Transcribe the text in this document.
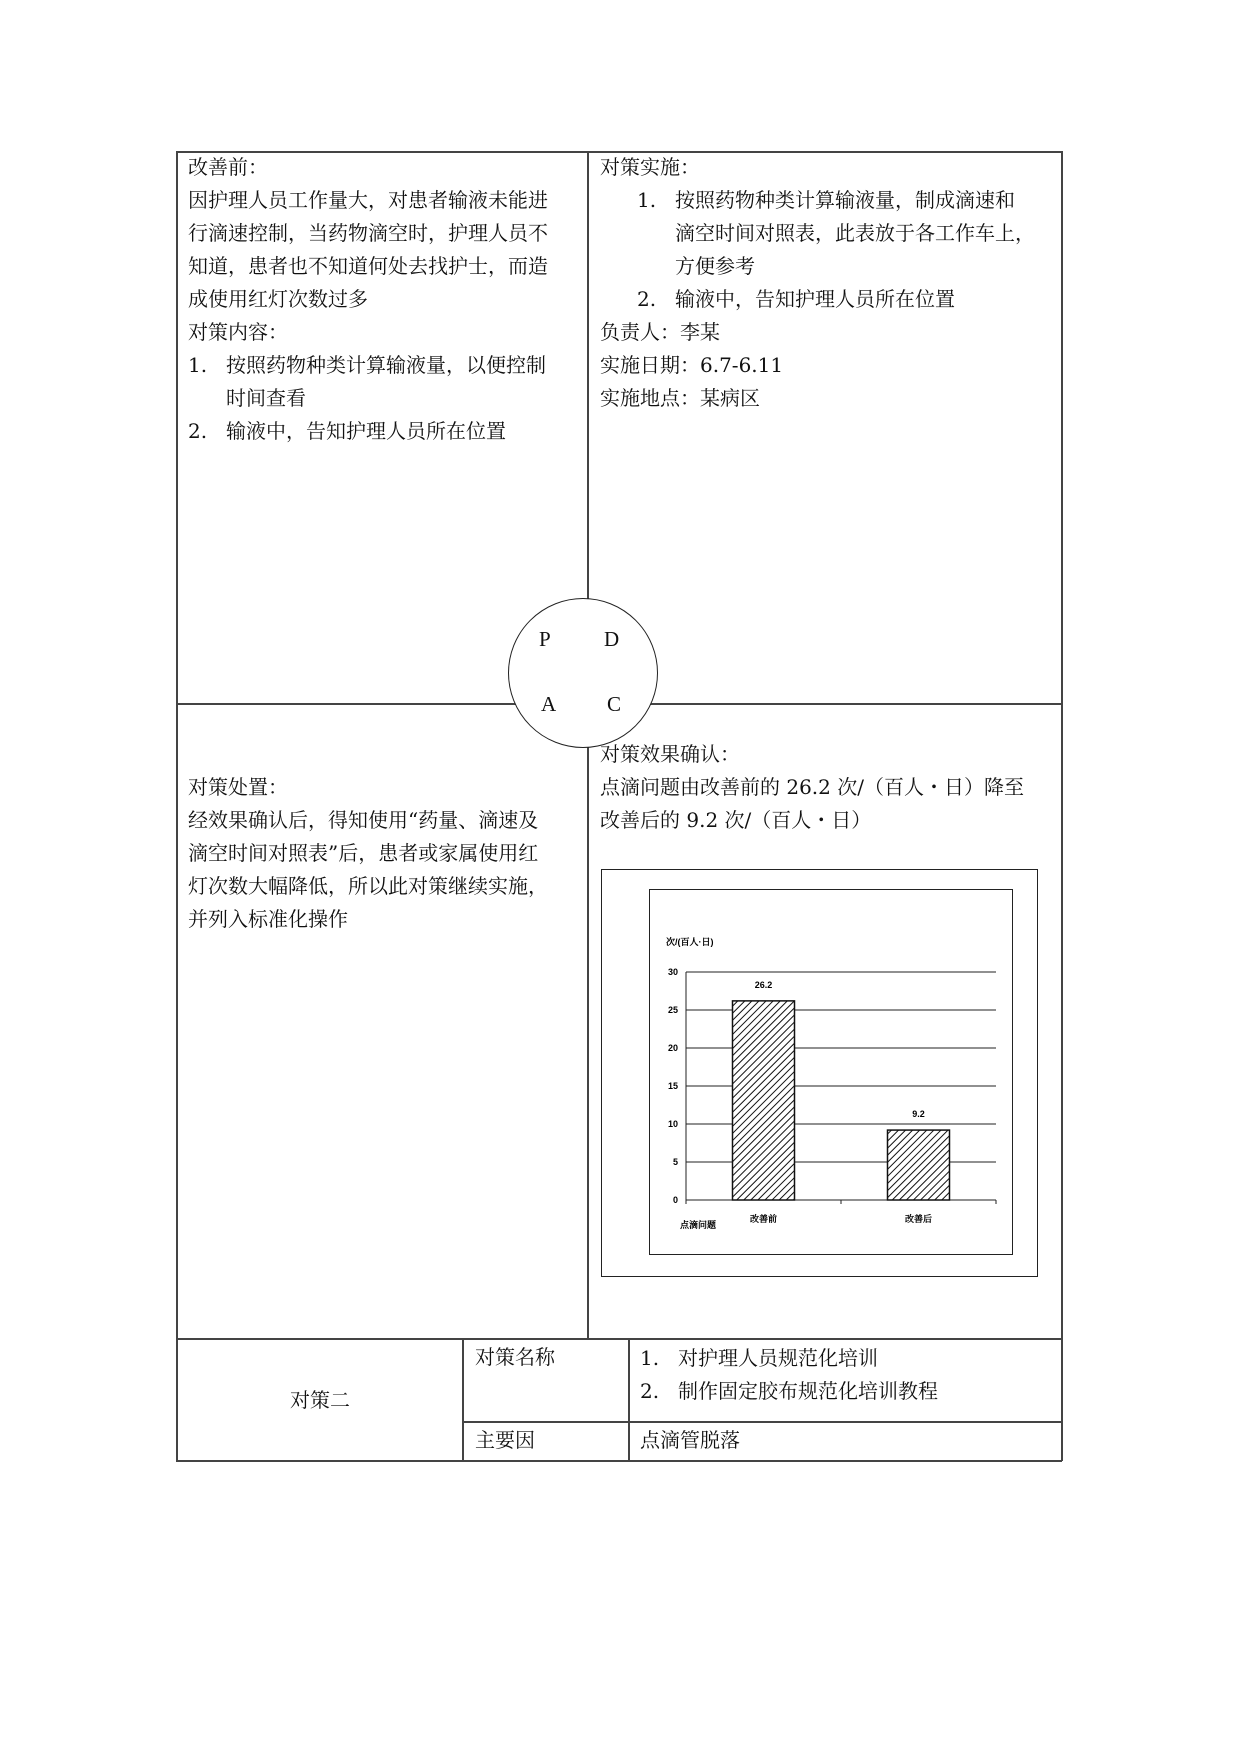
改善前：
因护理人员工作量大，对患者输液未能进
行滴速控制，当药物滴空时，护理人员不
知道，患者也不知道何处去找护士，而造
成使用红灯次数过多
对策内容：
1. 按照药物种类计算输液量，以便控制
时间查看
2. 输液中，告知护理人员所在位置
对策实施：
1. 按照药物种类计算输液量，制成滴速和
滴空时间对照表，此表放于各工作车上，
方便参考
2. 输液中，告知护理人员所在位置
负责人：李某
实施日期：6.7-6.11
实施地点：某病区
P	D
A C
对策处置：
经效果确认后，得知使用“药量、滴速及
滴空时间对照表”后，患者或家属使用红
灯次数大幅降低，所以此对策继续实施，
并列入标准化操作
对策效果确认：
点滴问题由改善前的 26.2 次/（百人・日）降至
改善后的 9.2 次/（百人・日）
次/(百人·日)
0
5
10
15
20
25
30
26.2
改善前
9.2
改善后
点滴问题
对策二
对策名称	1. 对护理人员规范化培训
2. 制作固定胶布规范化培训教程
主要因	点滴管脱落
